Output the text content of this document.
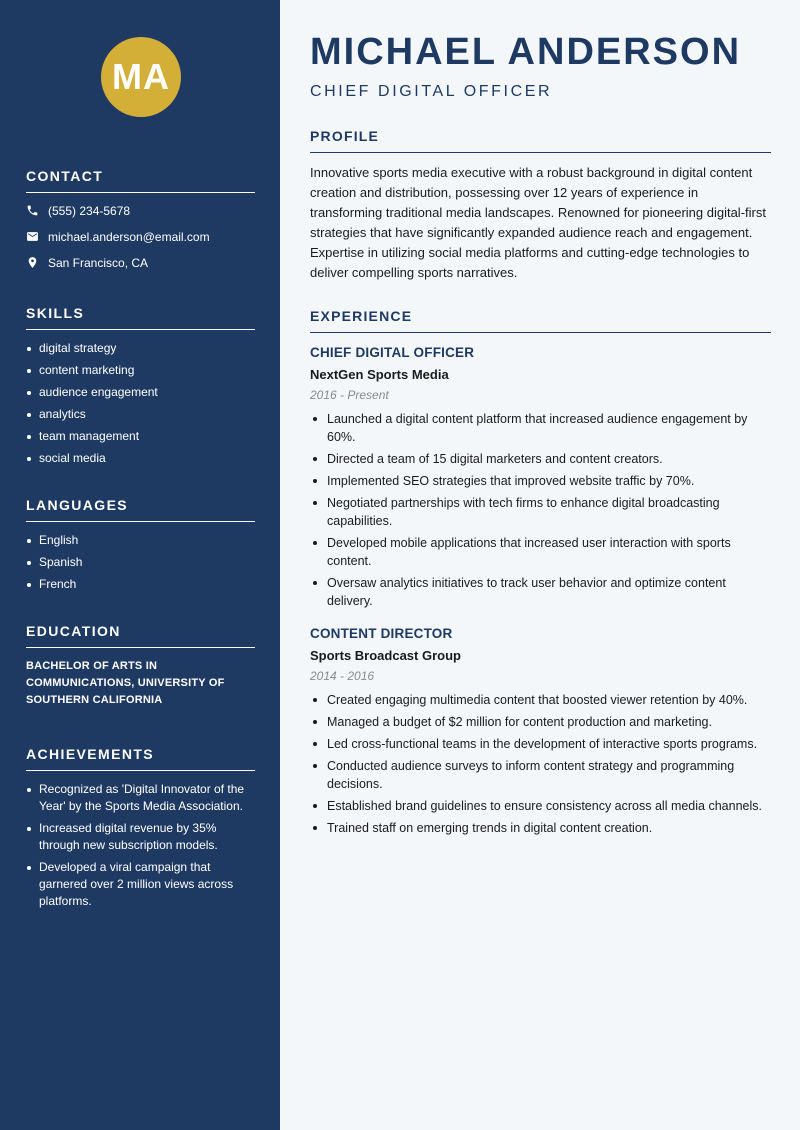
MA
CONTACT
(555) 234-5678
michael.anderson@email.com
San Francisco, CA
SKILLS
digital strategy
content marketing
audience engagement
analytics
team management
social media
LANGUAGES
English
Spanish
French
EDUCATION
BACHELOR OF ARTS IN COMMUNICATIONS, UNIVERSITY OF SOUTHERN CALIFORNIA
ACHIEVEMENTS
Recognized as 'Digital Innovator of the Year' by the Sports Media Association.
Increased digital revenue by 35% through new subscription models.
Developed a viral campaign that garnered over 2 million views across platforms.
MICHAEL ANDERSON
CHIEF DIGITAL OFFICER
PROFILE
Innovative sports media executive with a robust background in digital content creation and distribution, possessing over 12 years of experience in transforming traditional media landscapes. Renowned for pioneering digital-first strategies that have significantly expanded audience reach and engagement. Expertise in utilizing social media platforms and cutting-edge technologies to deliver compelling sports narratives.
EXPERIENCE
CHIEF DIGITAL OFFICER
NextGen Sports Media
2016 - Present
Launched a digital content platform that increased audience engagement by 60%.
Directed a team of 15 digital marketers and content creators.
Implemented SEO strategies that improved website traffic by 70%.
Negotiated partnerships with tech firms to enhance digital broadcasting capabilities.
Developed mobile applications that increased user interaction with sports content.
Oversaw analytics initiatives to track user behavior and optimize content delivery.
CONTENT DIRECTOR
Sports Broadcast Group
2014 - 2016
Created engaging multimedia content that boosted viewer retention by 40%.
Managed a budget of $2 million for content production and marketing.
Led cross-functional teams in the development of interactive sports programs.
Conducted audience surveys to inform content strategy and programming decisions.
Established brand guidelines to ensure consistency across all media channels.
Trained staff on emerging trends in digital content creation.
